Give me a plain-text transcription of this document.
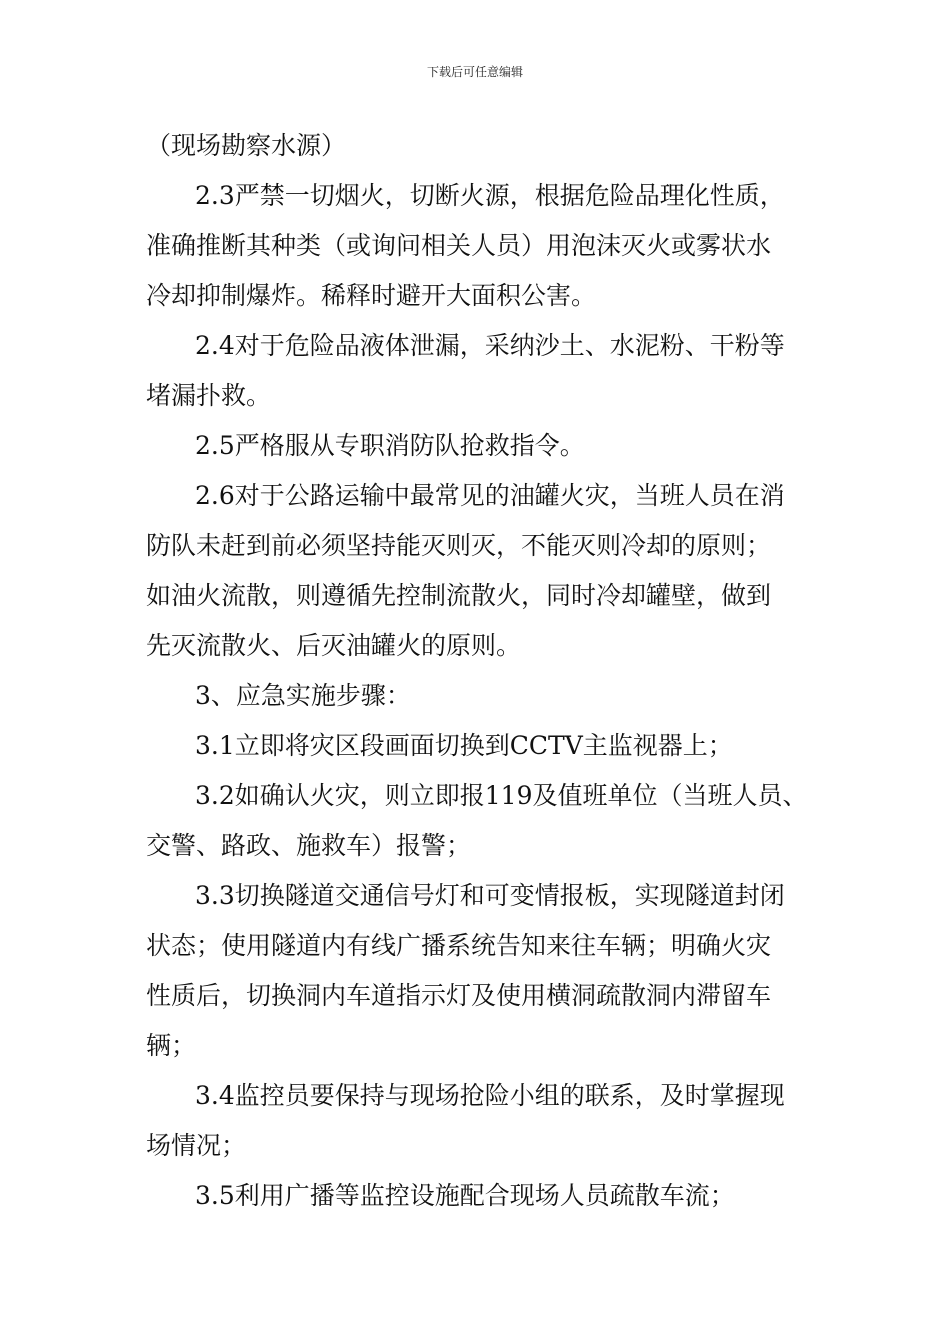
下载后可任意编辑
（现场勘察水源）
2.3严禁一切烟火，切断火源，根据危险品理化性质，
准确推断其种类（或询问相关人员）用泡沫灭火或雾状水
冷却抑制爆炸。稀释时避开大面积公害。
2.4对于危险品液体泄漏，采纳沙土、水泥粉、干粉等
堵漏扑救。
2.5严格服从专职消防队抢救指令。
2.6对于公路运输中最常见的油罐火灾，当班人员在消
防队未赶到前必须坚持能灭则灭，不能灭则冷却的原则；
如油火流散，则遵循先控制流散火，同时冷却罐壁，做到
先灭流散火、后灭油罐火的原则。
3、应急实施步骤：
3.1立即将灾区段画面切换到CCTV主监视器上；
3.2如确认火灾，则立即报119及值班单位（当班人员、
交警、路政、施救车）报警；
3.3切换隧道交通信号灯和可变情报板，实现隧道封闭
状态；使用隧道内有线广播系统告知来往车辆；明确火灾
性质后，切换洞内车道指示灯及使用横洞疏散洞内滞留车
辆；
3.4监控员要保持与现场抢险小组的联系，及时掌握现
场情况；
3.5利用广播等监控设施配合现场人员疏散车流；
